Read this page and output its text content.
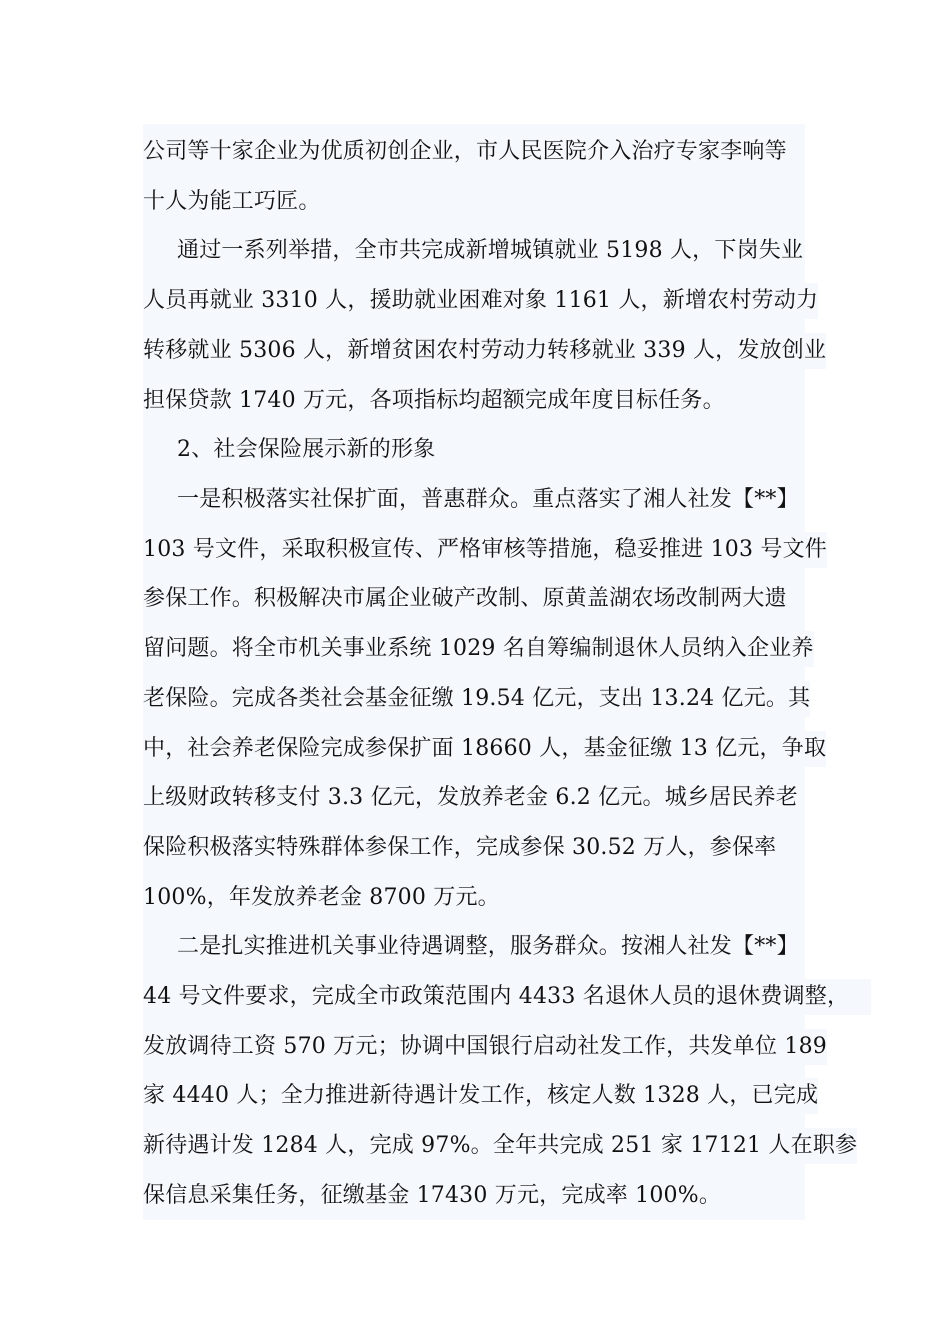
公司等十家企业为优质初创企业，市人民医院介入治疗专家李响等
十人为能工巧匠。
通过一系列举措，全市共完成新增城镇就业 5198 人，下岗失业
人员再就业 3310 人，援助就业困难对象 1161 人，新增农村劳动力
转移就业 5306 人，新增贫困农村劳动力转移就业 339 人，发放创业
担保贷款 1740 万元，各项指标均超额完成年度目标任务。
2、社会保险展示新的形象
一是积极落实社保扩面，普惠群众。重点落实了湘人社发【**】
103 号文件，采取积极宣传、严格审核等措施，稳妥推进 103 号文件
参保工作。积极解决市属企业破产改制、原黄盖湖农场改制两大遗
留问题。将全市机关事业系统 1029 名自筹编制退休人员纳入企业养
老保险。完成各类社会基金征缴 19.54 亿元，支出 13.24 亿元。其
中，社会养老保险完成参保扩面 18660 人，基金征缴 13 亿元，争取
上级财政转移支付 3.3 亿元，发放养老金 6.2 亿元。城乡居民养老
保险积极落实特殊群体参保工作，完成参保 30.52 万人，参保率
100%，年发放养老金 8700 万元。
二是扎实推进机关事业待遇调整，服务群众。按湘人社发【**】
44 号文件要求，完成全市政策范围内 4433 名退休人员的退休费调整，
发放调待工资 570 万元；协调中国银行启动社发工作，共发单位 189
家 4440 人；全力推进新待遇计发工作，核定人数 1328 人，已完成
新待遇计发 1284 人，完成 97%。全年共完成 251 家 17121 人在职参
保信息采集任务，征缴基金 17430 万元，完成率 100%。
